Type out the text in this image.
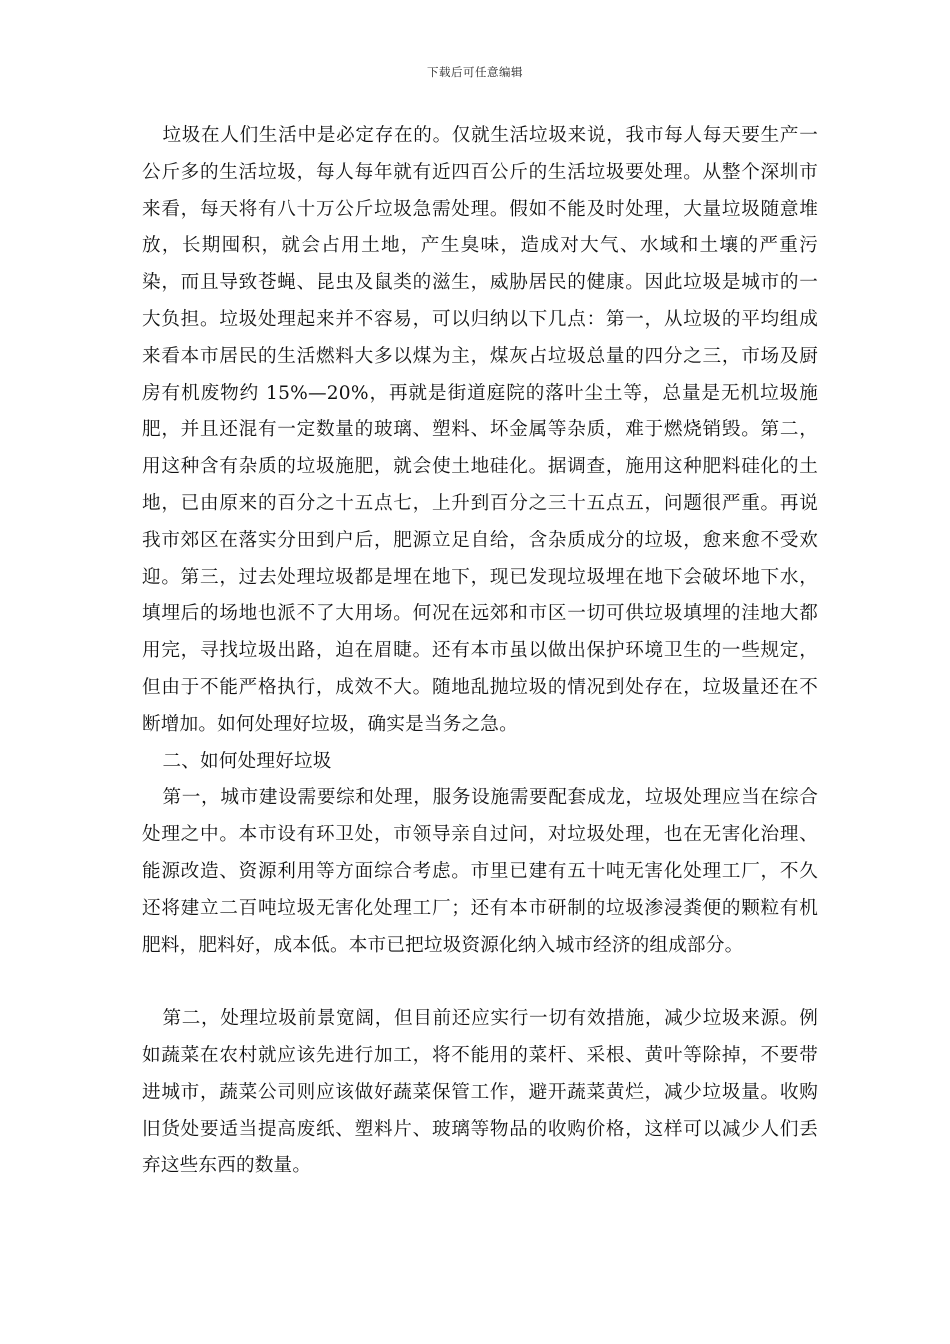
下载后可任意编辑

垃圾在人们生活中是必定存在的。仅就生活垃圾来说，我市每人每天要生产一公斤多的生活垃圾，每人每年就有近四百公斤的生活垃圾要处理。从整个深圳市来看，每天将有八十万公斤垃圾急需处理。假如不能及时处理，大量垃圾随意堆放，长期囤积，就会占用土地，产生臭味，造成对大气、水域和土壤的严重污染，而且导致苍蝇、昆虫及鼠类的滋生，威胁居民的健康。因此垃圾是城市的一大负担。垃圾处理起来并不容易，可以归纳以下几点：第一，从垃圾的平均组成来看本市居民的生活燃料大多以煤为主，煤灰占垃圾总量的四分之三，市场及厨房有机废物约 15%—20%，再就是街道庭院的落叶尘土等，总量是无机垃圾施肥，并且还混有一定数量的玻璃、塑料、坏金属等杂质，难于燃烧销毁。第二，用这种含有杂质的垃圾施肥，就会使土地硅化。据调查，施用这种肥料硅化的土地，已由原来的百分之十五点七，上升到百分之三十五点五，问题很严重。再说我市郊区在落实分田到户后，肥源立足自给，含杂质成分的垃圾，愈来愈不受欢迎。第三，过去处理垃圾都是埋在地下，现已发现垃圾埋在地下会破坏地下水，填埋后的场地也派不了大用场。何况在远郊和市区一切可供垃圾填埋的洼地大都用完，寻找垃圾出路，迫在眉睫。还有本市虽以做出保护环境卫生的一些规定，但由于不能严格执行，成效不大。随地乱抛垃圾的情况到处存在，垃圾量还在不断增加。如何处理好垃圾，确实是当务之急。

二、如何处理好垃圾

第一，城市建设需要综和处理，服务设施需要配套成龙，垃圾处理应当在综合处理之中。本市设有环卫处，市领导亲自过问，对垃圾处理，也在无害化治理、能源改造、资源利用等方面综合考虑。市里已建有五十吨无害化处理工厂，不久还将建立二百吨垃圾无害化处理工厂；还有本市研制的垃圾渗浸粪便的颗粒有机肥料，肥料好，成本低。本市已把垃圾资源化纳入城市经济的组成部分。

第二，处理垃圾前景宽阔，但目前还应实行一切有效措施，减少垃圾来源。例如蔬菜在农村就应该先进行加工，将不能用的菜杆、采根、黄叶等除掉，不要带进城市，蔬菜公司则应该做好蔬菜保管工作，避开蔬菜黄烂，减少垃圾量。收购旧货处要适当提高废纸、塑料片、玻璃等物品的收购价格，这样可以减少人们丢弃这些东西的数量。
